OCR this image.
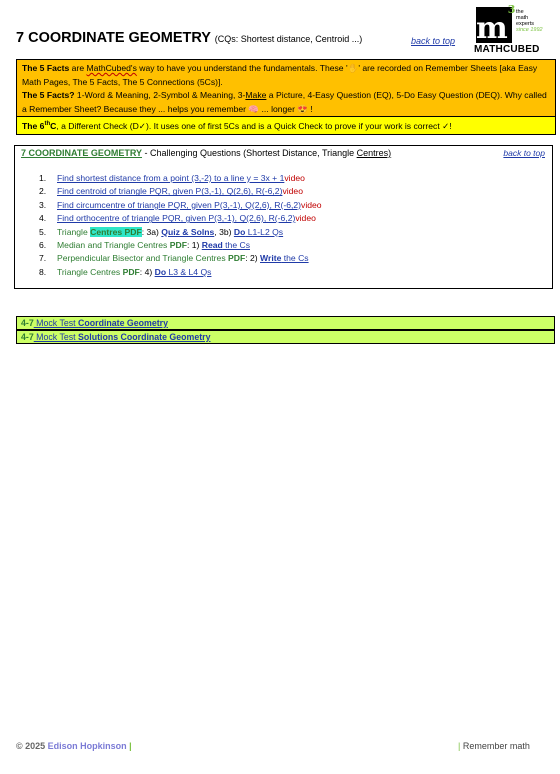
7 COORDINATE GEOMETRY (CQs: Shortest distance, Centroid ...)	back to top $m^3$ the
math
experts
since 1992
MATHCUBED
The 5 Facts are MathCubed's way to have you understand the fundamentals. These '✋' are recorded on Remember Sheets [aka Easy Math Pages, The 5 Facts, The 5 Connections (5Cs)].
The 5 Facts? 1-Word & Meaning, 2-Symbol & Meaning, 3-Make a Picture, 4-Easy Question (EQ), 5-Do Easy Question (DEQ). Why called a Remember Sheet? Because they ... helps you remember 🧠 ... longer 😍 !
The 6thC, a Different Check (D✓). It uses one of first 5Cs and is a Quick Check to prove if your work is correct ✓!
7 COORDINATE GEOMETRY - Challenging Questions (Shortest Distance, Triangle Centres)	back to top
1.	Find shortest distance from a point (3,-2) to a line y = 3x + 1 video
2.	Find centroid of triangle PQR, given P(3,-1), Q(2,6), R(-6,2) video
3.	Find circumcentre of triangle PQR, given P(3,-1), Q(2,6), R(-6,2) video
4.	Find orthocentre of triangle PQR, given P(3,-1), Q(2,6), R(-6,2) video
5.	Triangle Centres PDF: 3a) Quiz & Solns, 3b) Do L1-L2 Qs
6.	Median and Triangle Centres PDF: 1) Read the Cs
7.	Perpendicular Bisector and Triangle Centres PDF: 2) Write the Cs
8.	Triangle Centres PDF: 4) Do L3 & L4 Qs
4-7 Mock Test Coordinate Geometry
4-7 Mock Test Solutions Coordinate Geometry
© 2025 Edison Hopkinson |	| Remember math
